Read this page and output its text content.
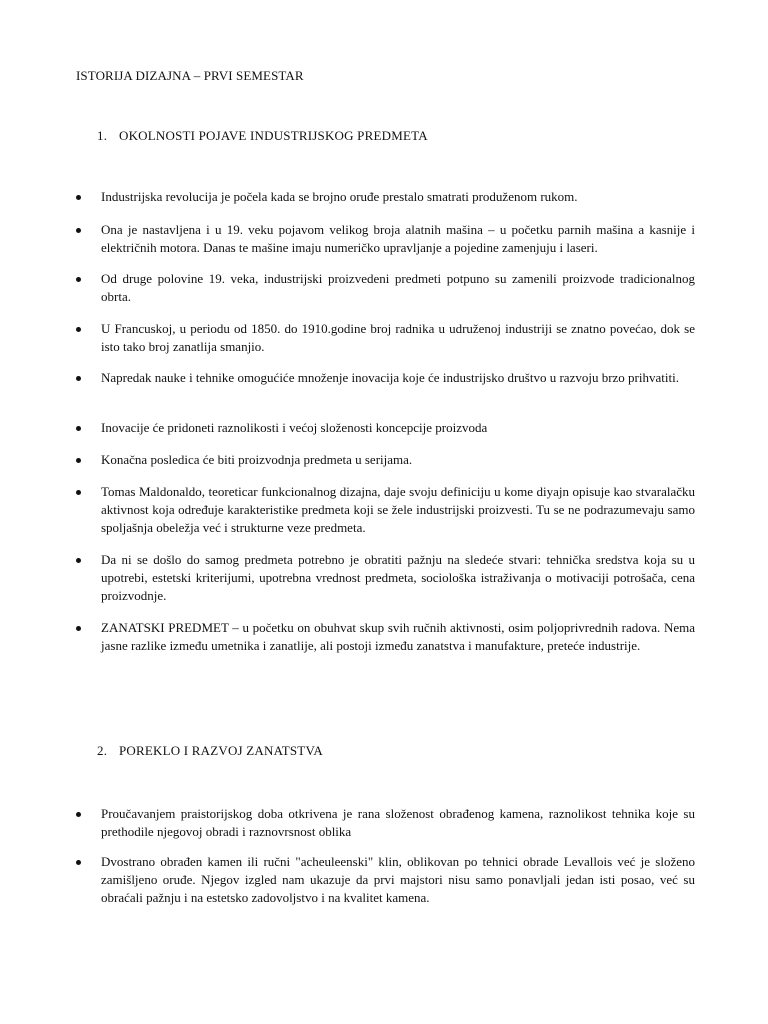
ISTORIJA DIZAJNA – PRVI SEMESTAR
1. OKOLNOSTI POJAVE INDUSTRIJSKOG PREDMETA
Industrijska revolucija je počela kada se brojno oruđe prestalo smatrati produženom rukom.
Ona je nastavljena i u 19. veku pojavom velikog broja alatnih mašina – u početku parnih mašina a kasnije i električnih motora. Danas te mašine imaju numeričko upravljanje a pojedine zamenjuju i laseri.
Od druge polovine 19. veka, industrijski proizvedeni predmeti potpuno su zamenili proizvode tradicionalnog obrta.
U Francuskoj, u periodu od 1850. do 1910.godine broj radnika u udruženoj industriji se znatno povećao, dok se isto tako broj zanatlija smanjio.
Napredak nauke i tehnike omogućiće množenje inovacija koje će industrijsko društvo u razvoju brzo prihvatiti.
Inovacije će pridoneti raznolikosti i većoj složenosti koncepcije proizvoda
Konačna posledica će biti proizvodnja predmeta u serijama.
Tomas Maldonaldo, teoreticar funkcionalnog dizajna, daje svoju definiciju u kome diyajn opisuje kao stvaralačku aktivnost koja određuje karakteristike predmeta koji se žele industrijski proizvesti. Tu se ne podrazumevaju samo spoljašnja obeležja već i strukturne veze predmeta.
Da ni se došlo do samog predmeta potrebno je obratiti pažnju na sledeće stvari: tehnička sredstva koja su u upotrebi, estetski kriterijumi, upotrebna vrednost predmeta, sociološka istraživanja o motivaciji potrošača, cena proizvodnje.
ZANATSKI PREDMET – u početku on obuhvat skup svih ručnih aktivnosti, osim poljoprivrednih radova. Nema jasne razlike između umetnika i zanatlije, ali postoji između zanatstva i manufakture, preteće industrije.
2. POREKLO I RAZVOJ ZANATSTVA
Proučavanjem praistorijskog doba otkrivena je rana složenost obrađenog kamena, raznolikost tehnika koje su prethodile njegovoj obradi i raznovrsnost oblika
Dvostrano obrađen kamen ili ručni "acheuleenski" klin, oblikovan po tehnici obrade Levallois već je složeno zamišljeno oruđe. Njegov izgled nam ukazuje da prvi majstori nisu samo ponavljali jedan isti posao, već su obraćali pažnju i na estetsko zadovoljstvo i na kvalitet kamena.
